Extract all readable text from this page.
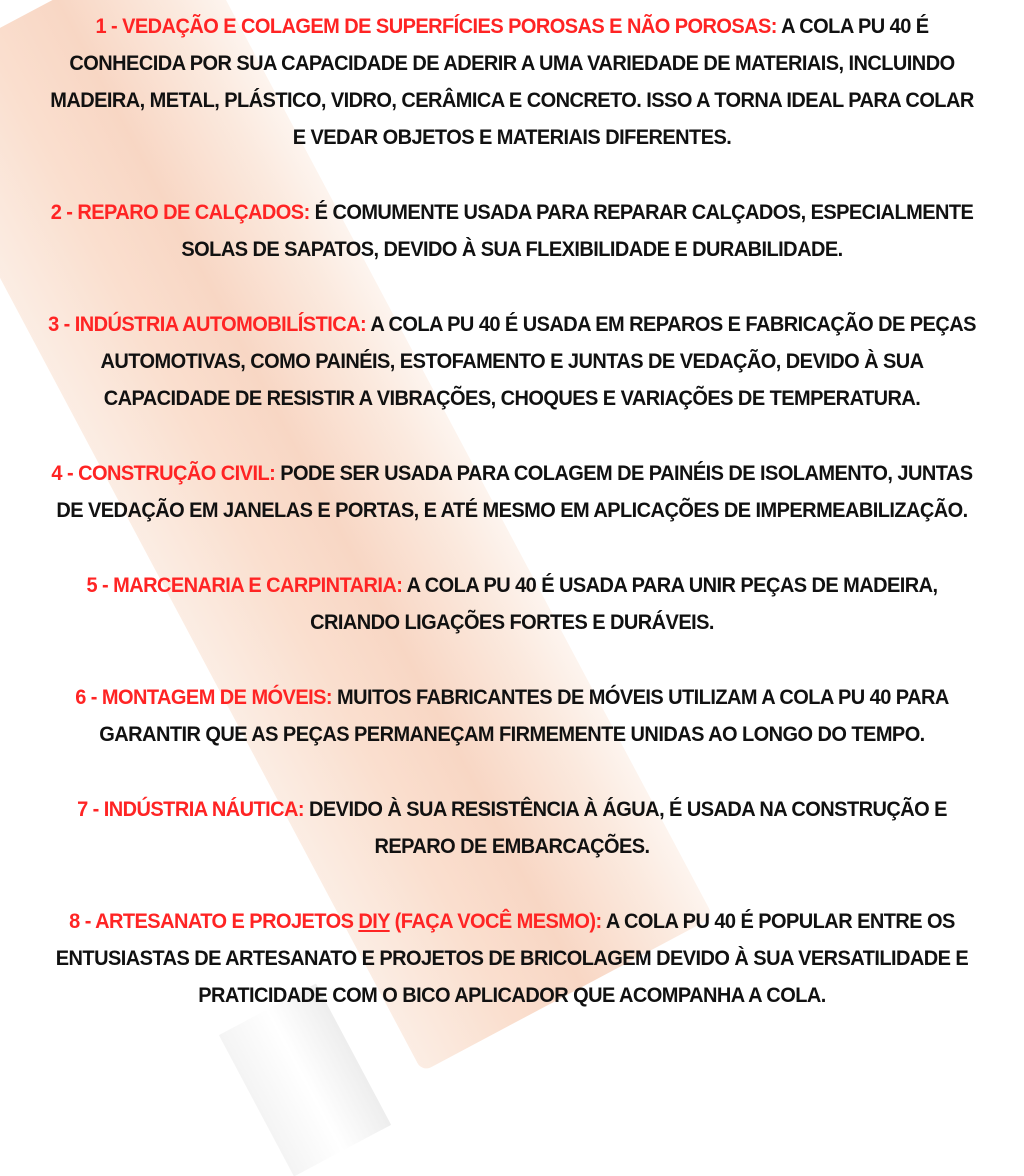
1 - VEDAÇÃO E COLAGEM DE SUPERFÍCIES POROSAS E NÃO POROSAS: A COLA PU 40 É CONHECIDA POR SUA CAPACIDADE DE ADERIR A UMA VARIEDADE DE MATERIAIS, INCLUINDO MADEIRA, METAL, PLÁSTICO, VIDRO, CERÂMICA E CONCRETO. ISSO A TORNA IDEAL PARA COLAR E VEDAR OBJETOS E MATERIAIS DIFERENTES.

2 - REPARO DE CALÇADOS: É COMUMENTE USADA PARA REPARAR CALÇADOS, ESPECIALMENTE SOLAS DE SAPATOS, DEVIDO À SUA FLEXIBILIDADE E DURABILIDADE.

3 - INDÚSTRIA AUTOMOBILÍSTICA: A COLA PU 40 É USADA EM REPAROS E FABRICAÇÃO DE PEÇAS AUTOMOTIVAS, COMO PAINÉIS, ESTOFAMENTO E JUNTAS DE VEDAÇÃO, DEVIDO À SUA CAPACIDADE DE RESISTIR A VIBRAÇÕES, CHOQUES E VARIAÇÕES DE TEMPERATURA.

4 - CONSTRUÇÃO CIVIL: PODE SER USADA PARA COLAGEM DE PAINÉIS DE ISOLAMENTO, JUNTAS DE VEDAÇÃO EM JANELAS E PORTAS, E ATÉ MESMO EM APLICAÇÕES DE IMPERMEABILIZAÇÃO.

5 - MARCENARIA E CARPINTARIA: A COLA PU 40 É USADA PARA UNIR PEÇAS DE MADEIRA, CRIANDO LIGAÇÕES FORTES E DURÁVEIS.

6 - MONTAGEM DE MÓVEIS: MUITOS FABRICANTES DE MÓVEIS UTILIZAM A COLA PU 40 PARA GARANTIR QUE AS PEÇAS PERMANEÇAM FIRMEMENTE UNIDAS AO LONGO DO TEMPO.

7 - INDÚSTRIA NÁUTICA: DEVIDO À SUA RESISTÊNCIA À ÁGUA, É USADA NA CONSTRUÇÃO E REPARO DE EMBARCAÇÕES.

8 - ARTESANATO E PROJETOS DIY (FAÇA VOCÊ MESMO): A COLA PU 40 É POPULAR ENTRE OS ENTUSIASTAS DE ARTESANATO E PROJETOS DE BRICOLAGEM DEVIDO À SUA VERSATILIDADE E PRATICIDADE COM O BICO APLICADOR QUE ACOMPANHA A COLA.
